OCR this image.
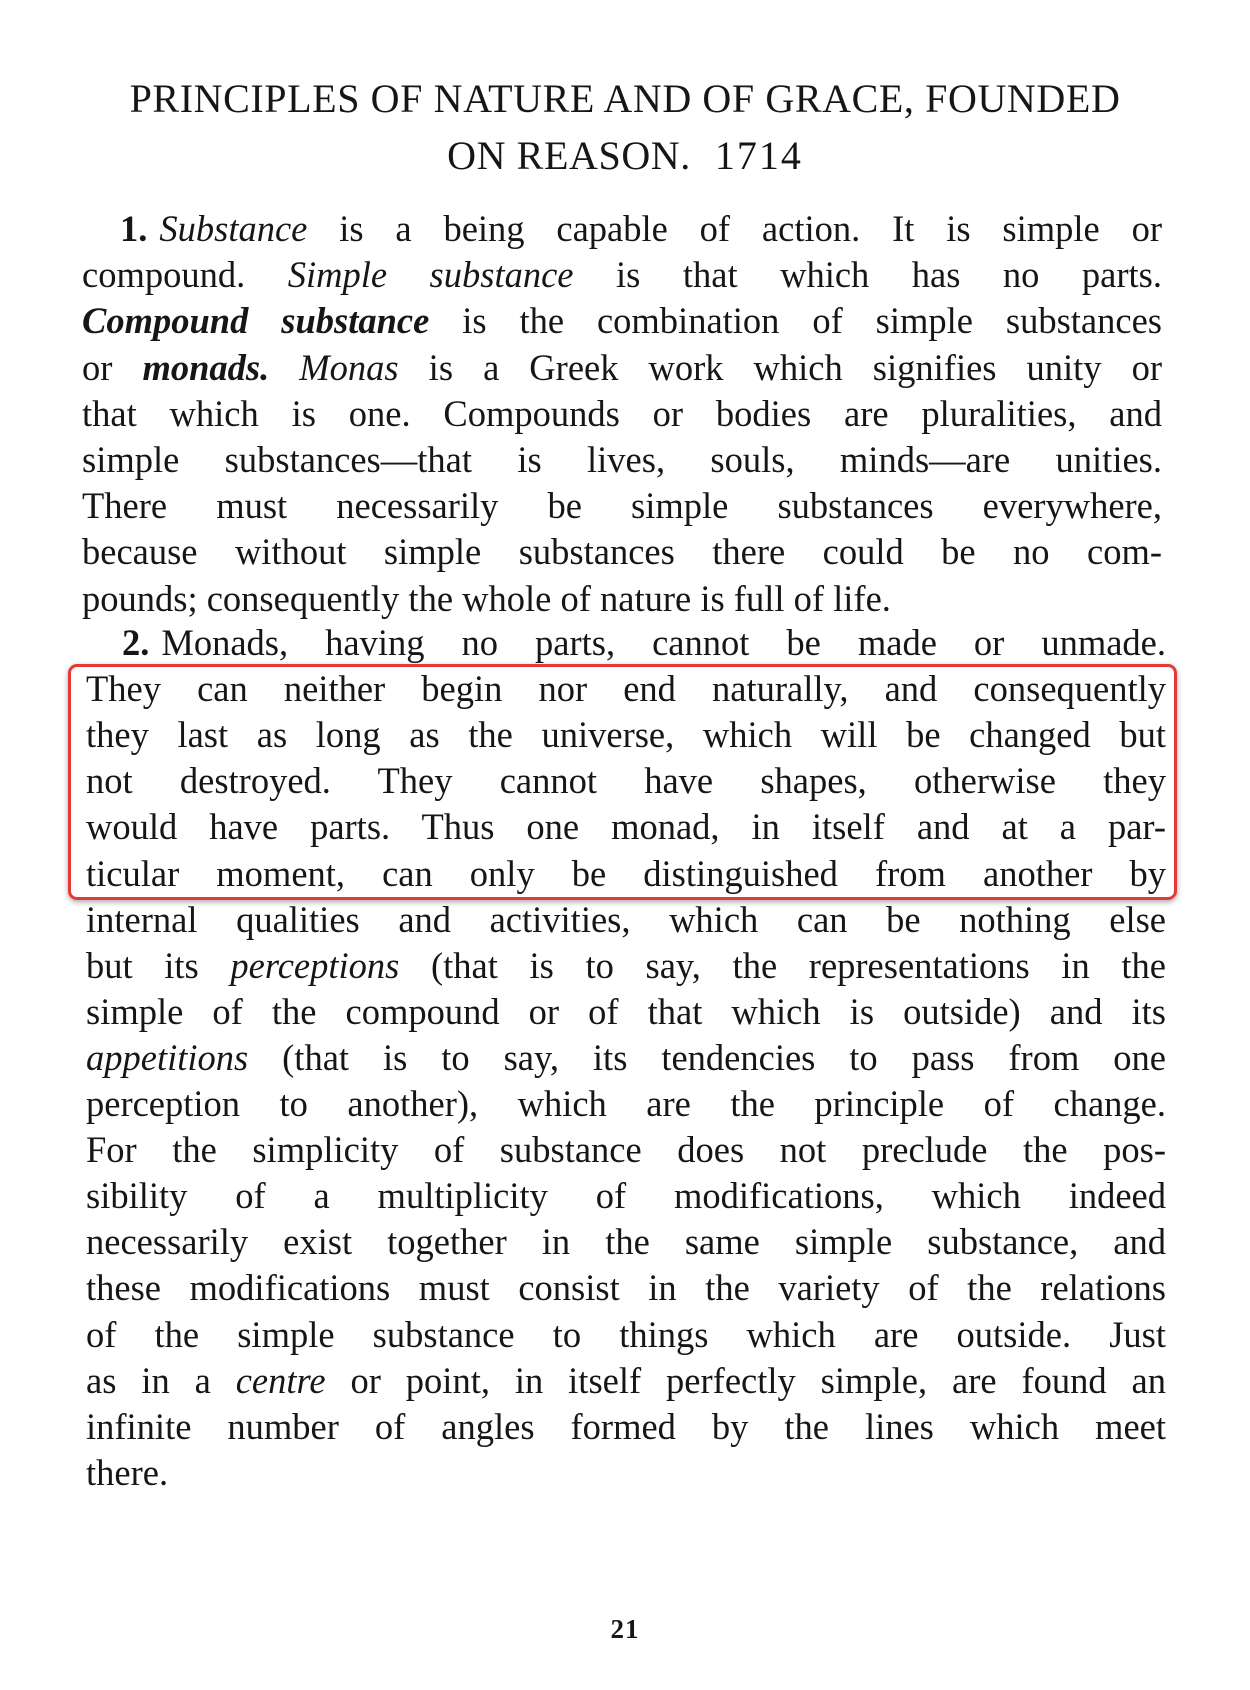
PRINCIPLES OF NATURE AND OF GRACE, FOUNDED
ON REASON. 1714
1. Substance is a being capable of action. It is simple or
compound. Simple substance is that which has no parts.
Compound substance is the combination of simple substances
or monads. Monas is a Greek work which signifies unity or
that which is one. Compounds or bodies are pluralities, and
simple substances—that is lives, souls, minds—are unities.
There must necessarily be simple substances everywhere,
because without simple substances there could be no com-
pounds; consequently the whole of nature is full of life.
2. Monads, having no parts, cannot be made or unmade.
They can neither begin nor end naturally, and consequently
they last as long as the universe, which will be changed but
not destroyed. They cannot have shapes, otherwise they
would have parts. Thus one monad, in itself and at a par-
ticular moment, can only be distinguished from another by
internal qualities and activities, which can be nothing else
but its perceptions (that is to say, the representations in the
simple of the compound or of that which is outside) and its
appetitions (that is to say, its tendencies to pass from one
perception to another), which are the principle of change.
For the simplicity of substance does not preclude the pos-
sibility of a multiplicity of modifications, which indeed
necessarily exist together in the same simple substance, and
these modifications must consist in the variety of the relations
of the simple substance to things which are outside. Just
as in a centre or point, in itself perfectly simple, are found an
infinite number of angles formed by the lines which meet
there.
21
